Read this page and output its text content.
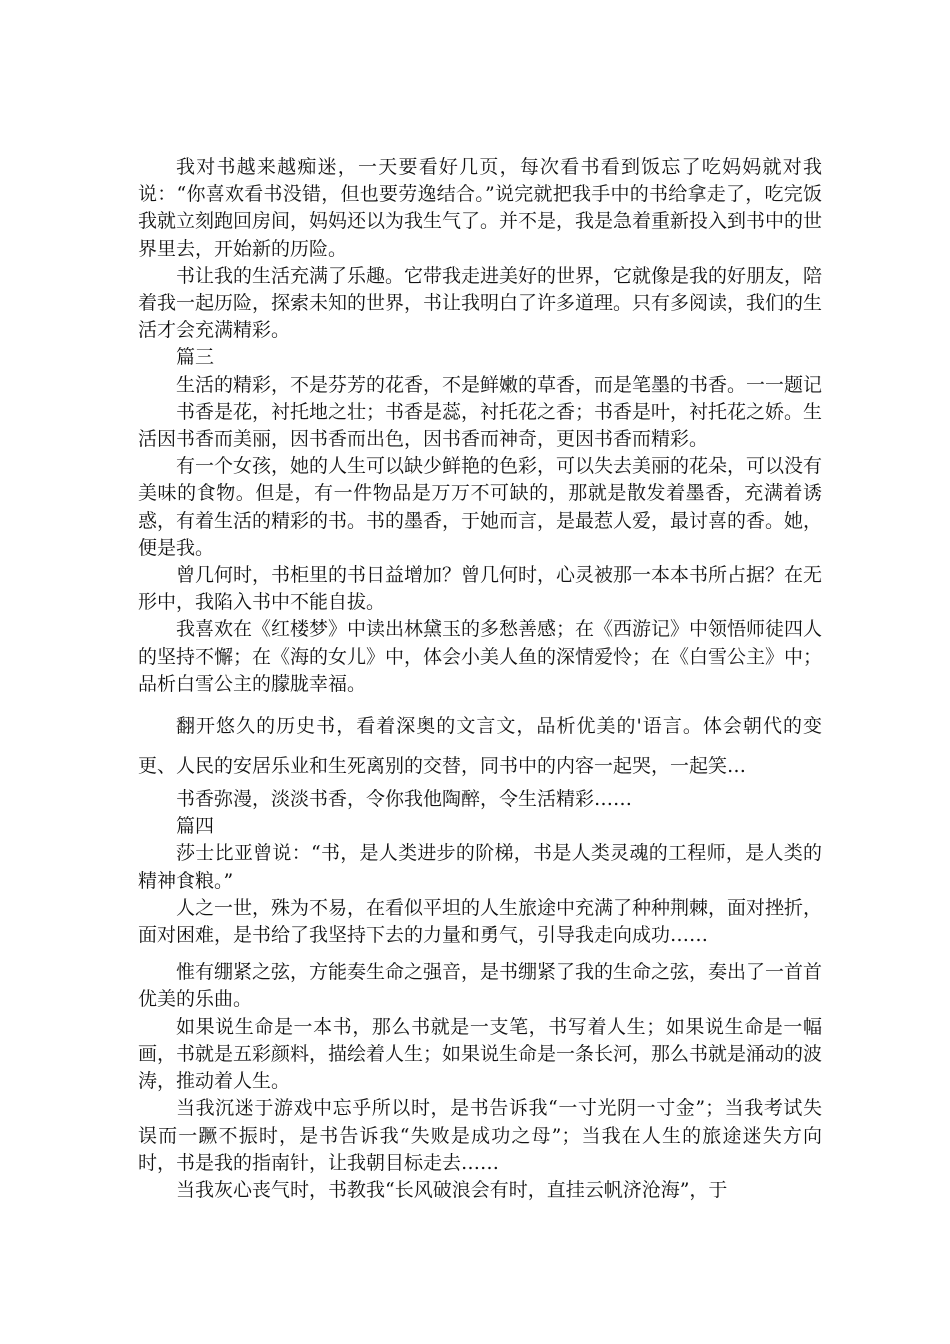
我对书越来越痴迷，一天要看好几页，每次看书看到饭忘了吃妈妈就对我说：“你喜欢看书没错，但也要劳逸结合。”说完就把我手中的书给拿走了，吃完饭我就立刻跑回房间，妈妈还以为我生气了。并不是，我是急着重新投入到书中的世界里去，开始新的历险。

书让我的生活充满了乐趣。它带我走进美好的世界，它就像是我的好朋友，陪着我一起历险，探索未知的世界，书让我明白了许多道理。只有多阅读，我们的生活才会充满精彩。

篇三

生活的精彩，不是芬芳的花香，不是鲜嫩的草香，而是笔墨的书香。一一题记

书香是花，衬托地之壮；书香是蕊，衬托花之香；书香是叶，衬托花之娇。生活因书香而美丽，因书香而出色，因书香而神奇，更因书香而精彩。

有一个女孩，她的人生可以缺少鲜艳的色彩，可以失去美丽的花朵，可以没有美味的食物。但是，有一件物品是万万不可缺的，那就是散发着墨香，充满着诱惑，有着生活的精彩的书。书的墨香，于她而言，是最惹人爱，最讨喜的香。她，便是我。

曾几何时，书柜里的书日益增加？曾几何时，心灵被那一本本书所占据？在无形中，我陷入书中不能自拔。

我喜欢在《红楼梦》中读出林黛玉的多愁善感；在《西游记》中领悟师徒四人的坚持不懈；在《海的女儿》中，体会小美人鱼的深情爱怜；在《白雪公主》中；品析白雪公主的朦胧幸福。

翻开悠久的历史书，看着深奥的文言文，品析优美的'语言。体会朝代的变更、人民的安居乐业和生死离别的交替，同书中的内容一起哭，一起笑…

书香弥漫，淡淡书香，令你我他陶醉，令生活精彩……

篇四

莎士比亚曾说：“书，是人类进步的阶梯，书是人类灵魂的工程师，是人类的精神食粮。”

人之一世，殊为不易，在看似平坦的人生旅途中充满了种种荆棘，面对挫折，面对困难，是书给了我坚持下去的力量和勇气，引导我走向成功……

惟有绷紧之弦，方能奏生命之强音，是书绷紧了我的生命之弦，奏出了一首首优美的乐曲。

如果说生命是一本书，那么书就是一支笔，书写着人生；如果说生命是一幅画，书就是五彩颜料，描绘着人生；如果说生命是一条长河，那么书就是涌动的波涛，推动着人生。

当我沉迷于游戏中忘乎所以时，是书告诉我“一寸光阴一寸金”；当我考试失误而一蹶不振时，是书告诉我“失败是成功之母”；当我在人生的旅途迷失方向时，书是我的指南针，让我朝目标走去……

当我灰心丧气时，书教我“长风破浪会有时，直挂云帆济沧海”，于
